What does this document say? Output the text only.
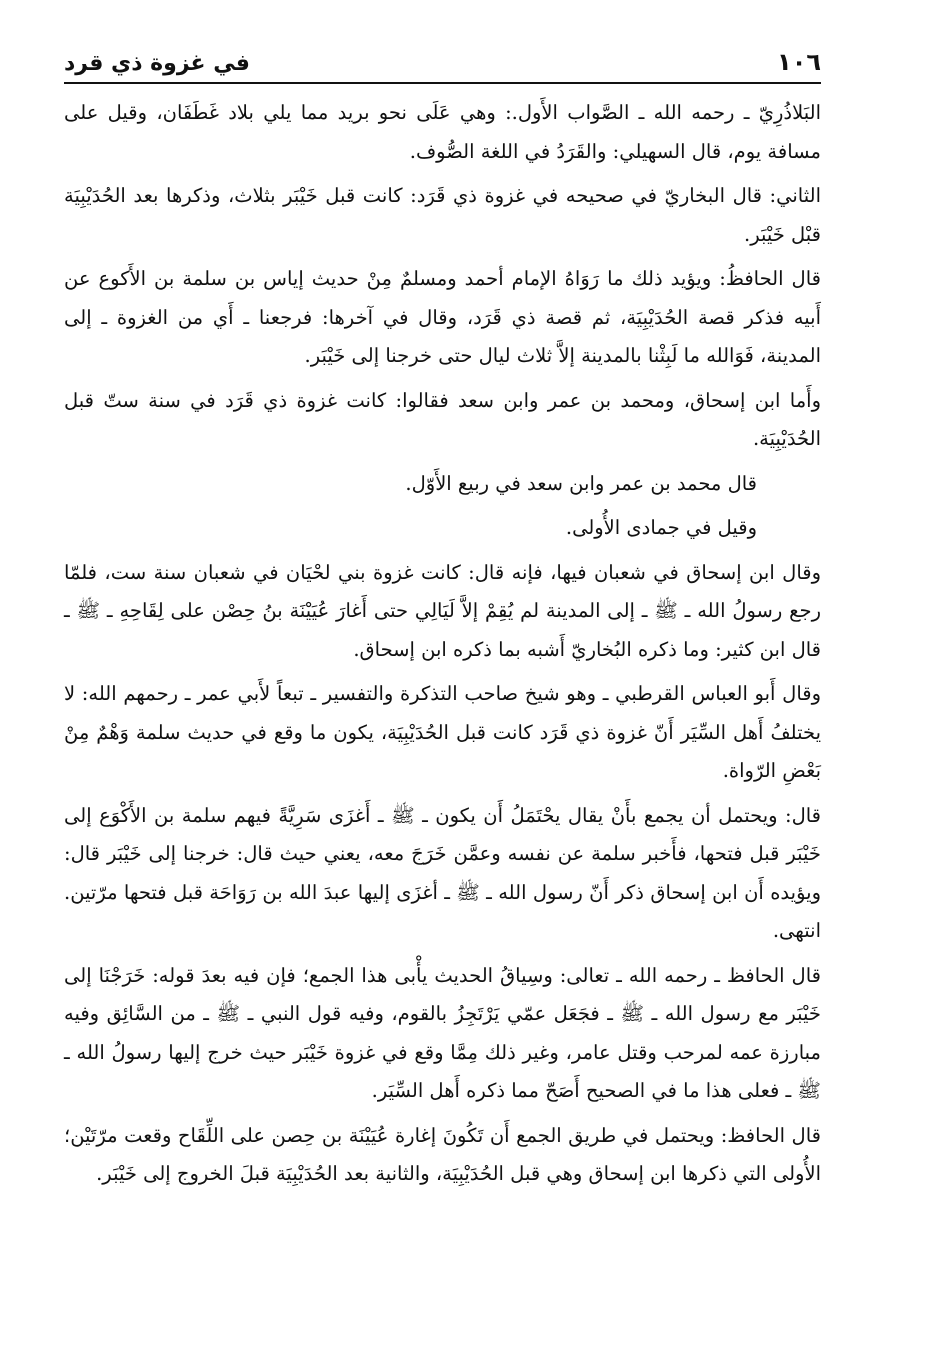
١٠٦
في غزوة ذي قرد

البَلاذُرِيّ ـ رحمه الله ـ الصَّواب الأَول.: وهي عَلَى نحو بريد مما يلي بلاد غَطَفَان، وقيل على مسافة يوم، قال السهيلي: والقَرَدُ في اللغة الصُّوف.

الثاني: قال البخاريّ في صحيحه في غزوة ذي قَرَد: كانت قبل خَيْبَر بثلاث، وذكرها بعد الحُدَيْبِيَة قبْل خَيْبَر.

قال الحافظُ: ويؤيد ذلك ما رَوَاهُ الإمام أحمد ومسلمٌ مِنْ حديث إياس بن سلمة بن الأَكوع عن أَبيه فذكر قصة الحُدَيْبِيَة، ثم قصة ذي قَرَد، وقال في آخرها: فرجعنا ـ أَي من الغزوة ـ إلى المدينة، فَوَالله ما لَبِثْنا بالمدينة إلاَّ ثلاث ليال حتى خرجنا إلى خَيْبَر.

وأَما ابن إسحاق، ومحمد بن عمر وابن سعد فقالوا: كانت غزوة ذي قَرَد في سنة ستّ قبل الحُدَيْبِيَة.

قال محمد بن عمر وابن سعد في ربيع الأَوّل.

وقيل في جمادى الأُولى.

وقال ابن إسحاق في شعبان فيها، فإنه قال: كانت غزوة بني لحْيَان في شعبان سنة ست، فلمّا رجع رسولُ الله ـ ﷺ ـ إلى المدينة لم يُقِمْ إلاَّ لَيَالِي حتى أَغارَ عُيَيْنَة بنُ حِصْن على لِقَاحِهِ ـ ﷺ ـ قال ابن كثير: وما ذكره البُخاريّ أَشبه بما ذكره ابن إسحاق.

وقال أَبو العباس القرطبي ـ وهو شيخ صاحب التذكرة والتفسير ـ تبعاً لأَبي عمر ـ رحمهم الله: لا يختلفُ أَهل السِّيَر أَنّ غزوة ذي قَرَد كانت قبل الحُدَيْبِيَة، يكون ما وقع في حديث سلمة وَهْمٌ مِنْ بَعْضِ الرّواة.

قال: ويحتمل أن يجمع بأَنْ يقال يحْتَمَلُ أَن يكون ـ ﷺ ـ أَغزَى سَرِيَّةً فيهم سلمة بن الأَكْوَع إلى خَيْبَر قبل فتحها، فأَخبر سلمة عن نفسه وعمَّن خَرَجَ معه، يعني حيث قال: خرجنا إلى خَيْبَر قال: ويؤيده أَن ابن إسحاق ذكر أَنّ رسول الله ـ ﷺ ـ أغزَى إليها عبدَ الله بن رَوَاحَة قبل فتحها مرّتين. انتهى.

قال الحافظ ـ رحمه الله ـ تعالى: وسِياقُ الحديث يأْبى هذا الجمع؛ فإن فيه بعدَ قوله: خَرَجْنَا إلى خَيْبَر مع رسول الله ـ ﷺ ـ فجَعَل عمّي يَرْتَجِزُ بالقوم، وفيه قول النبي ـ ﷺ ـ من السَّائِق وفيه مبارزة عمه لمرحب وقتل عامر، وغير ذلك مِمَّا وقع في غزوة خَيْبَر حيث خرج إليها رسولُ الله ـ ﷺ ـ فعلى هذا ما في الصحيح أَصَحّ مما ذكره أَهل السِّيَر.

قال الحافظ: ويحتمل في طريق الجمع أَن تَكُونَ إغارة عُيَيْنَة بن حِصن على اللِّقَاح وقعت مرّتَيْن؛ الأُولى التي ذكرها ابن إسحاق وهي قبل الحُدَيْبِيَة، والثانية بعد الحُدَيْبِيَة قبلَ الخروج إلى خَيْبَر.
